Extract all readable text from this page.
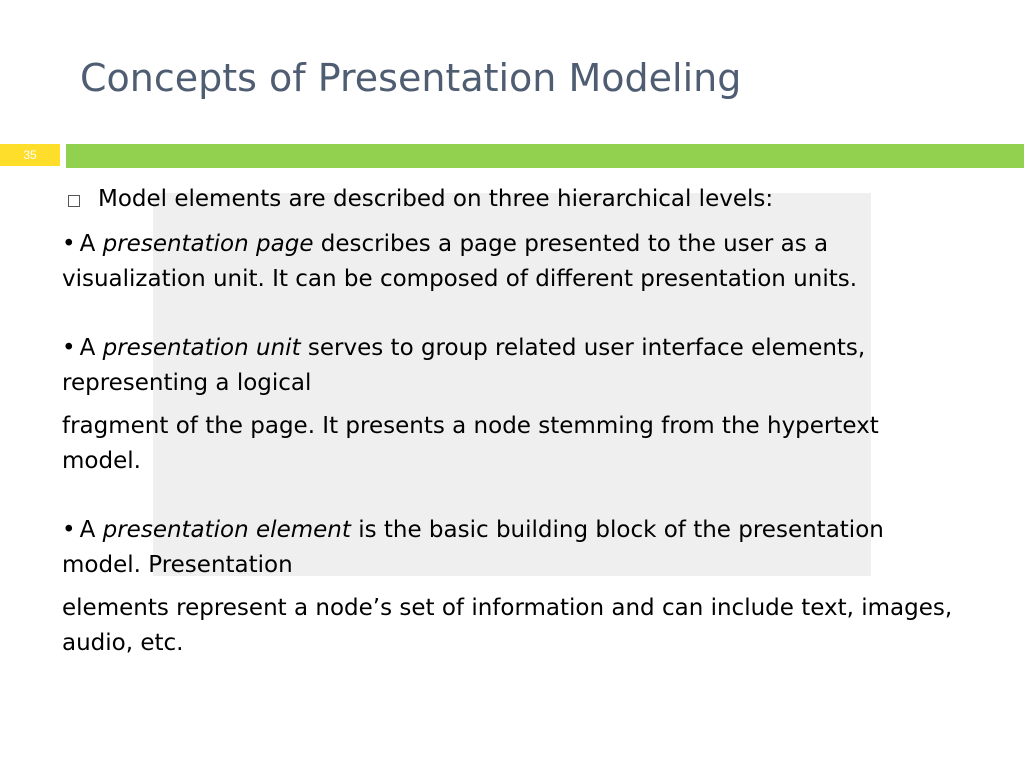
Concepts of Presentation Modeling
35

Model elements are described on three hierarchical levels:

• A presentation page describes a page presented to the user as a visualization unit. It can be composed of different presentation units.

• A presentation unit serves to group related user interface elements, representing a logical

fragment of the page. It presents a node stemming from the hypertext model.

• A presentation element is the basic building block of the presentation model. Presentation

elements represent a node’s set of information and can include text, images, audio, etc.
